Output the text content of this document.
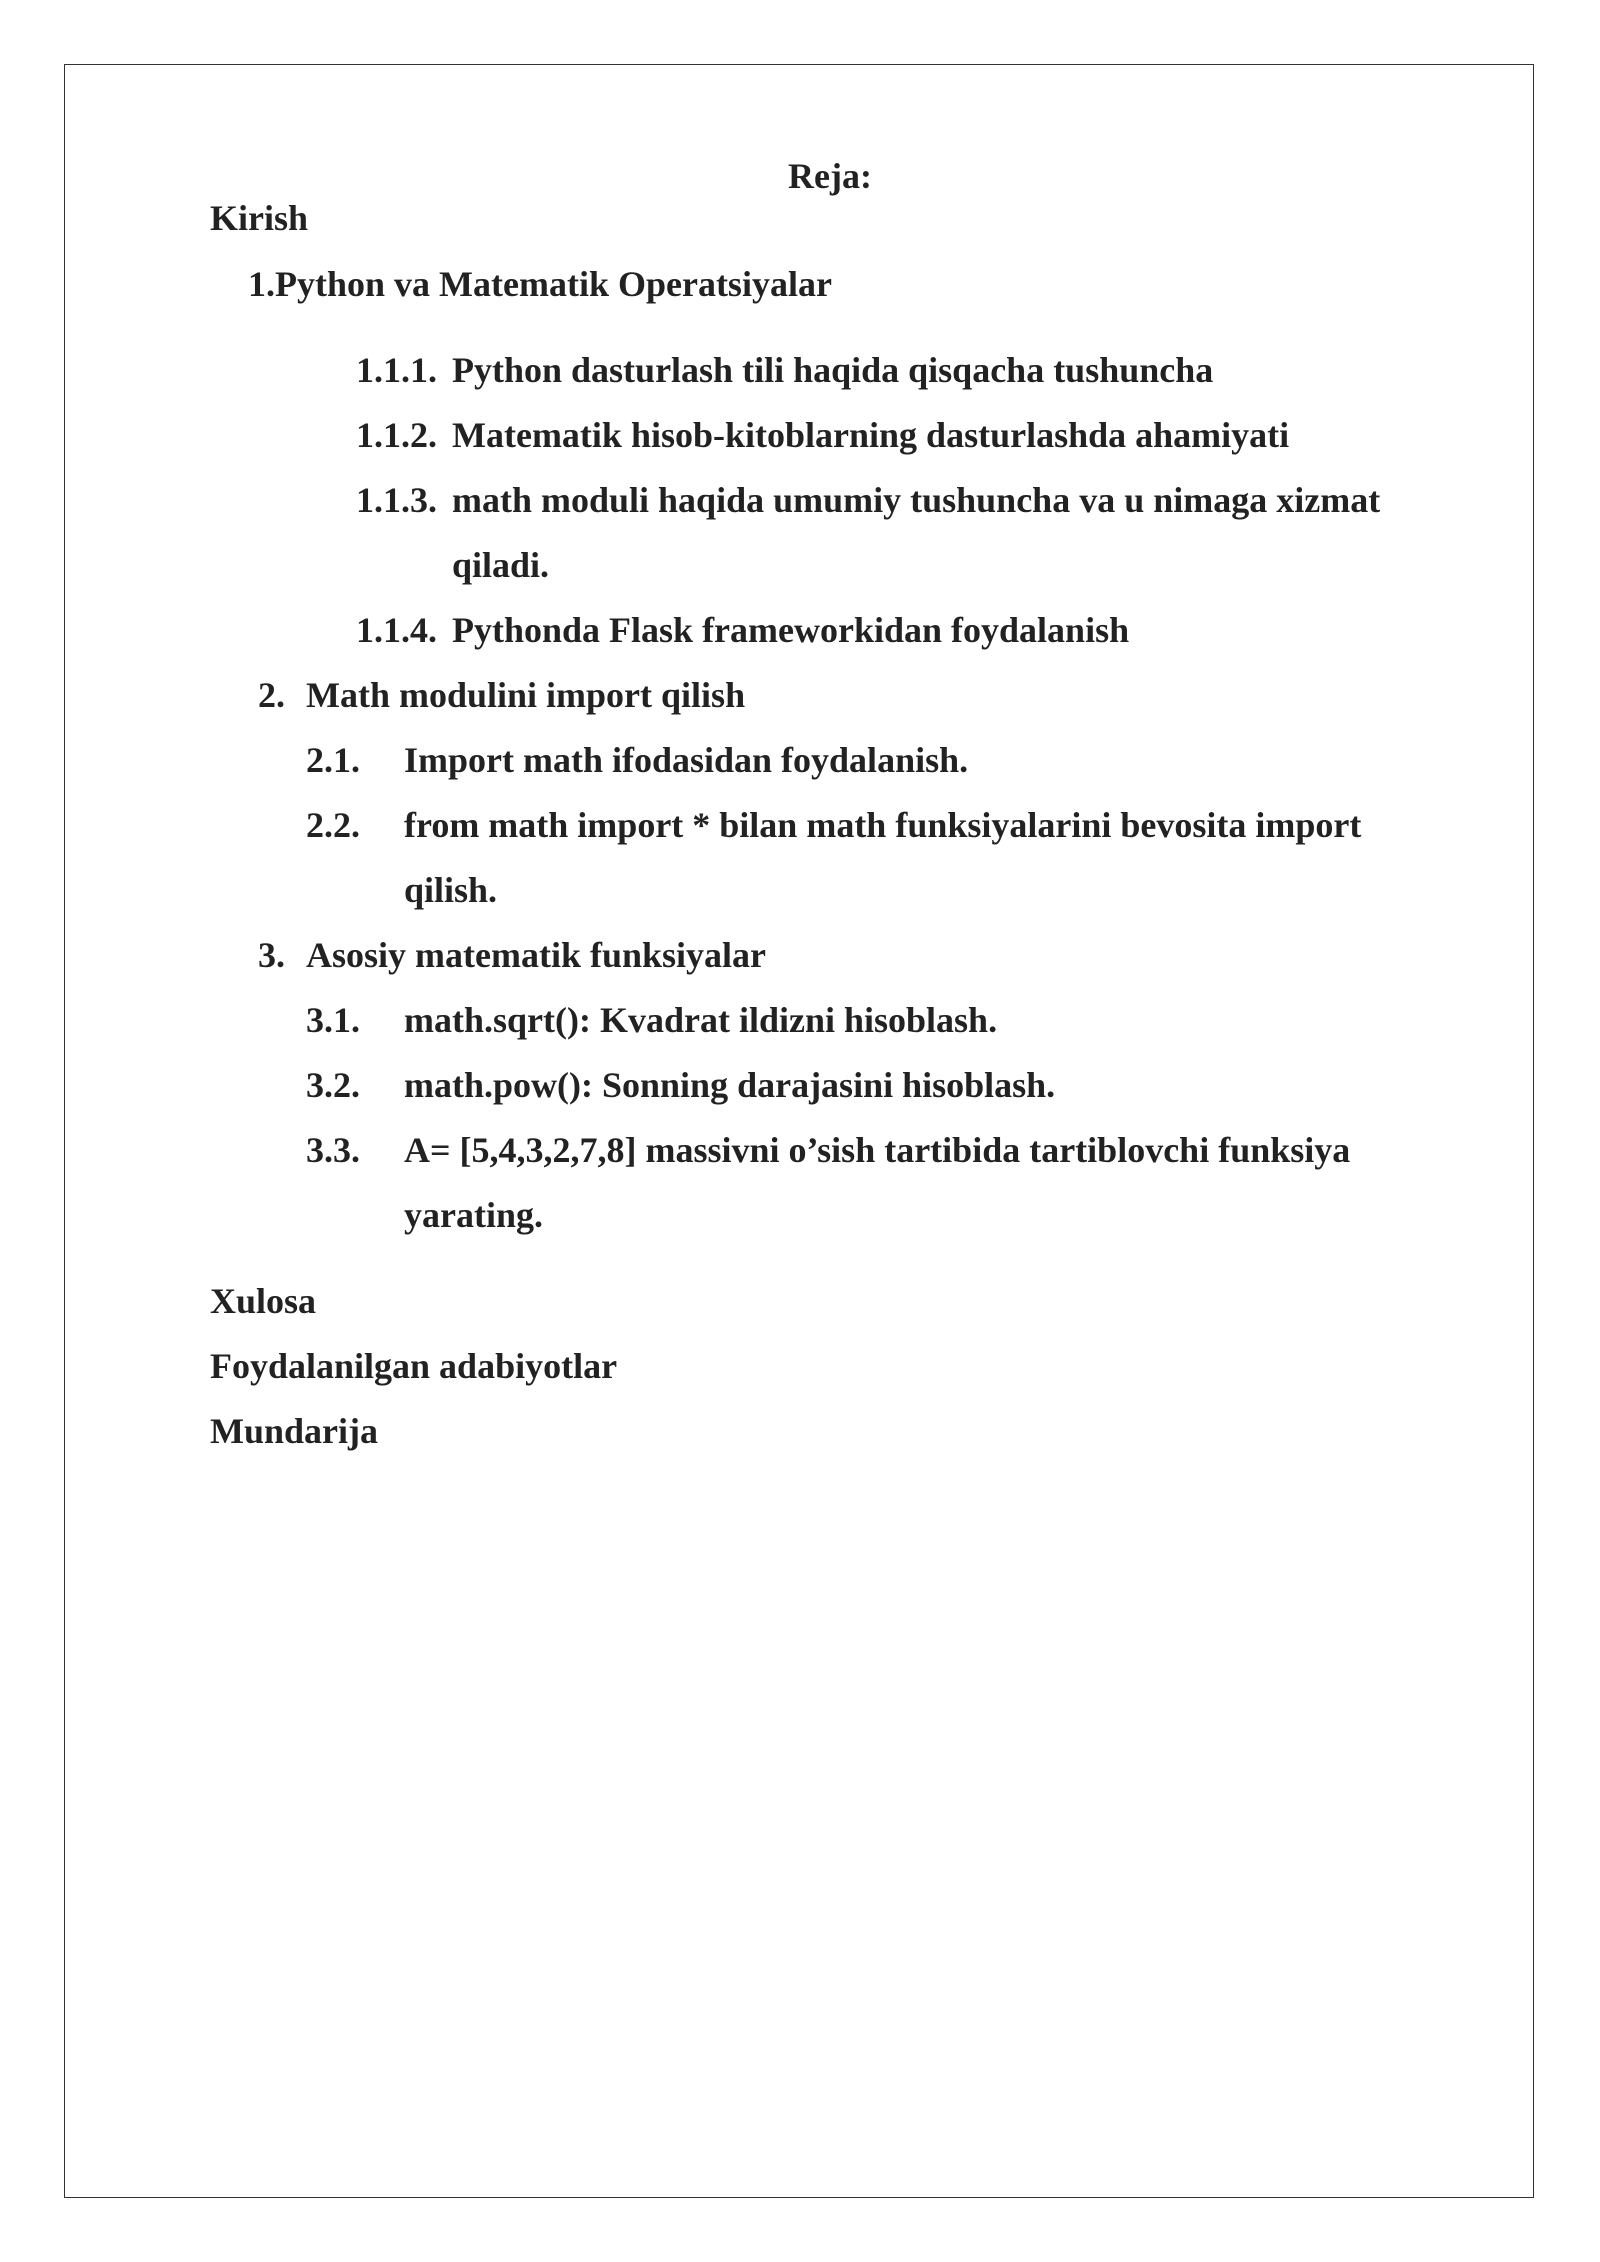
Reja:
Kirish
1.Python va Matematik Operatsiyalar
1.1.1. Python dasturlash tili haqida qisqacha tushuncha
1.1.2. Matematik hisob-kitoblarning dasturlashda ahamiyati
1.1.3. math moduli haqida umumiy tushuncha va u nimaga xizmat
qiladi.
1.1.4. Pythonda Flask frameworkidan foydalanish
2. Math modulini import qilish
2.1. Import math ifodasidan foydalanish.
2.2. from math import * bilan math funksiyalarini bevosita import
qilish.
3. Asosiy matematik funksiyalar
3.1. math.sqrt(): Kvadrat ildizni hisoblash.
3.2. math.pow(): Sonning darajasini hisoblash.
3.3. A= [5,4,3,2,7,8] massivni o’sish tartibida tartiblovchi funksiya
yarating.
Xulosa
Foydalanilgan adabiyotlar
Mundarija
